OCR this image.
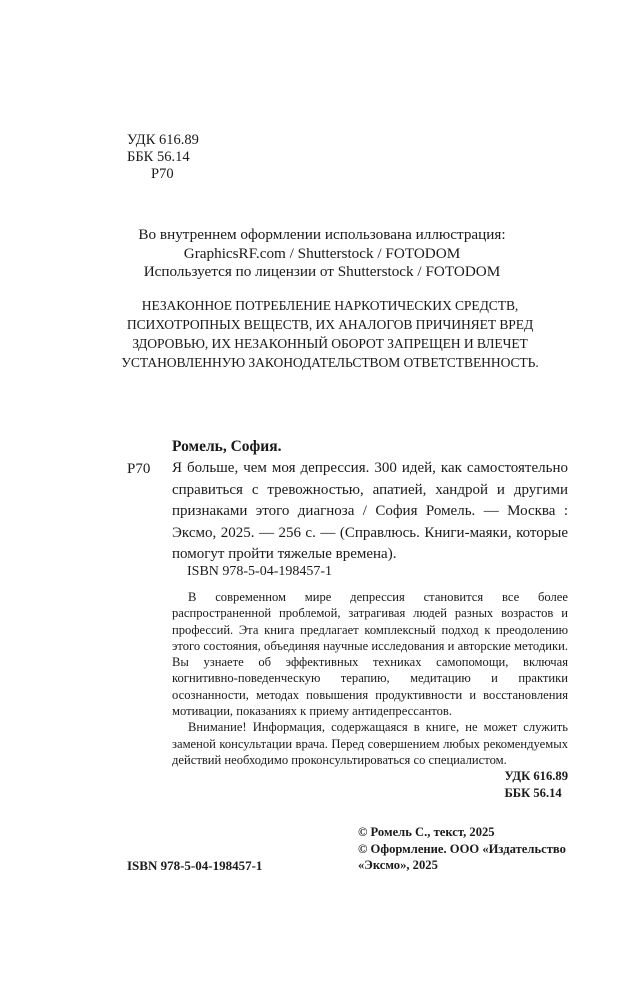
УДК 616.89
ББК 56.14
Р70
Во внутреннем оформлении использована иллюстрация:
GraphicsRF.com / Shutterstock / FOTODOM
Используется по лицензии от Shutterstock / FOTODOM
НЕЗАКОННОЕ ПОТРЕБЛЕНИЕ НАРКОТИЧЕСКИХ СРЕДСТВ, ПСИХОТРОПНЫХ ВЕЩЕСТВ, ИХ АНАЛОГОВ ПРИЧИНЯЕТ ВРЕД ЗДОРОВЬЮ, ИХ НЕЗАКОННЫЙ ОБОРОТ ЗАПРЕЩЕН И ВЛЕЧЕТ УСТАНОВЛЕННУЮ ЗАКОНОДАТЕЛЬСТВОМ ОТВЕТСТВЕННОСТЬ.
Ромель, София.
Р70 Я больше, чем моя депрессия. 300 идей, как самостоятельно справиться с тревожностью, апатией, хандрой и другими признаками этого диагноза / София Ромель. — Москва : Эксмо, 2025. — 256 с. — (Справлюсь. Книги-маяки, которые помогут пройти тяжелые времена).
ISBN 978-5-04-198457-1

В современном мире депрессия становится все более распространенной проблемой, затрагивая людей разных возрастов и профессий. Эта книга предлагает комплексный подход к преодолению этого состояния, объединяя научные исследования и авторские методики. Вы узнаете об эффективных техниках самопомощи, включая когнитивно-поведенческую терапию, медитацию и практики осознанности, методах повышения продуктивности и восстановления мотивации, показаниях к приему антидепрессантов.

Внимание! Информация, содержащаяся в книге, не может служить заменой консультации врача. Перед совершением любых рекомендуемых действий необходимо проконсультироваться со специалистом.

УДК 616.89
ББК 56.14
ISBN 978-5-04-198457-1
© Ромель С., текст, 2025
© Оформление. ООО «Издательство «Эксмо», 2025
